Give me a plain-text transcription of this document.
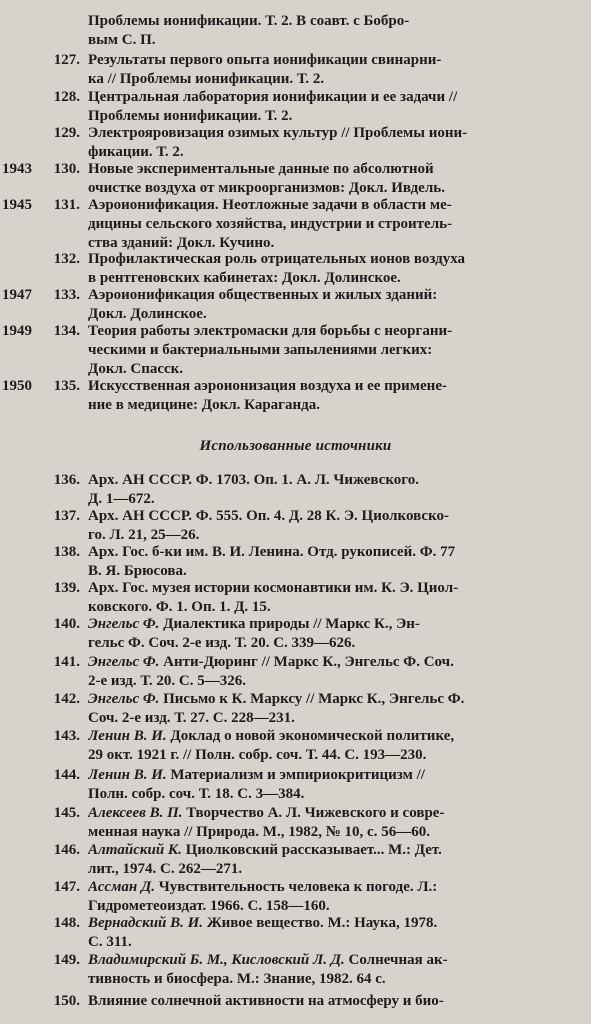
Проблемы ионификации. Т. 2. В соавт. с Бобро-
вым С. П.
127. Результаты первого опыта ионификации свинарни-
ка // Проблемы ионификации. Т. 2.
128. Центральная лаборатория ионификации и ее задачи //
Проблемы ионификации. Т. 2.
129. Электрояровизация озимых культур // Проблемы иони-
фикации. Т. 2.
1943	130. Новые экспериментальные данные по абсолютной
очистке воздуха от микроорганизмов: Докл. Ивдель.
1945	131. Аэроионификация. Неотложные задачи в области ме-
дицины сельского хозяйства, индустрии и строитель-
ства зданий: Докл. Кучино.
132. Профилактическая роль отрицательных ионов воздуха
в рентгеновских кабинетах: Докл. Долинское.
1947	133. Аэроионификация общественных и жилых зданий:
Докл. Долинское.
1949	134. Теория работы электромаски для борьбы с неоргани-
ческими и бактериальными запылениями легких:
Докл. Спасск.
1950	135. Искусственная аэроионизация воздуха и ее примене-
ние в медицине: Докл. Караганда.
Использованные источники
136. Арх. АН СССР. Ф. 1703. Оп. 1. А. Л. Чижевского.
Д. 1—672.
137. Арх. АН СССР. Ф. 555. Оп. 4. Д. 28 К. Э. Циолковско-
го. Л. 21, 25—26.
138. Арх. Гос. б-ки им. В. И. Ленина. Отд. рукописей. Ф. 77
В. Я. Брюсова.
139. Арх. Гос. музея истории космонавтики им. К. Э. Циол-
ковского. Ф. 1. Оп. 1. Д. 15.
140. Энгельс Ф. Диалектика природы // Маркс К., Эн-
гельс Ф. Соч. 2-е изд. Т. 20. С. 339—626.
141. Энгельс Ф. Анти-Дюринг // Маркс К., Энгельс Ф. Соч.
2-е изд. Т. 20. С. 5—326.
142. Энгельс Ф. Письмо к К. Марксу // Маркс К., Энгельс Ф.
Соч. 2-е изд. Т. 27. С. 228—231.
143. Ленин В. И. Доклад о новой экономической политике,
29 окт. 1921 г. // Полн. собр. соч. Т. 44. С. 193—230.
144. Ленин В. И. Материализм и эмпириокритицизм //
Полн. собр. соч. Т. 18. С. 3—384.
145. Алексеев В. П. Творчество А. Л. Чижевского и совре-
менная наука // Природа. М., 1982, № 10, с. 56—60.
146. Алтайский К. Циолковский рассказывает... М.: Дет.
лит., 1974. С. 262—271.
147. Ассман Д. Чувствительность человека к погоде. Л.:
Гидрометеоиздат. 1966. С. 158—160.
148. Вернадский В. И. Живое вещество. М.: Наука, 1978.
С. 311.
149. Владимирский Б. М., Кисловский Л. Д. Солнечная ак-
тивность и биосфера. М.: Знание, 1982. 64 с.
150. Влияние солнечной активности на атмосферу и био-
